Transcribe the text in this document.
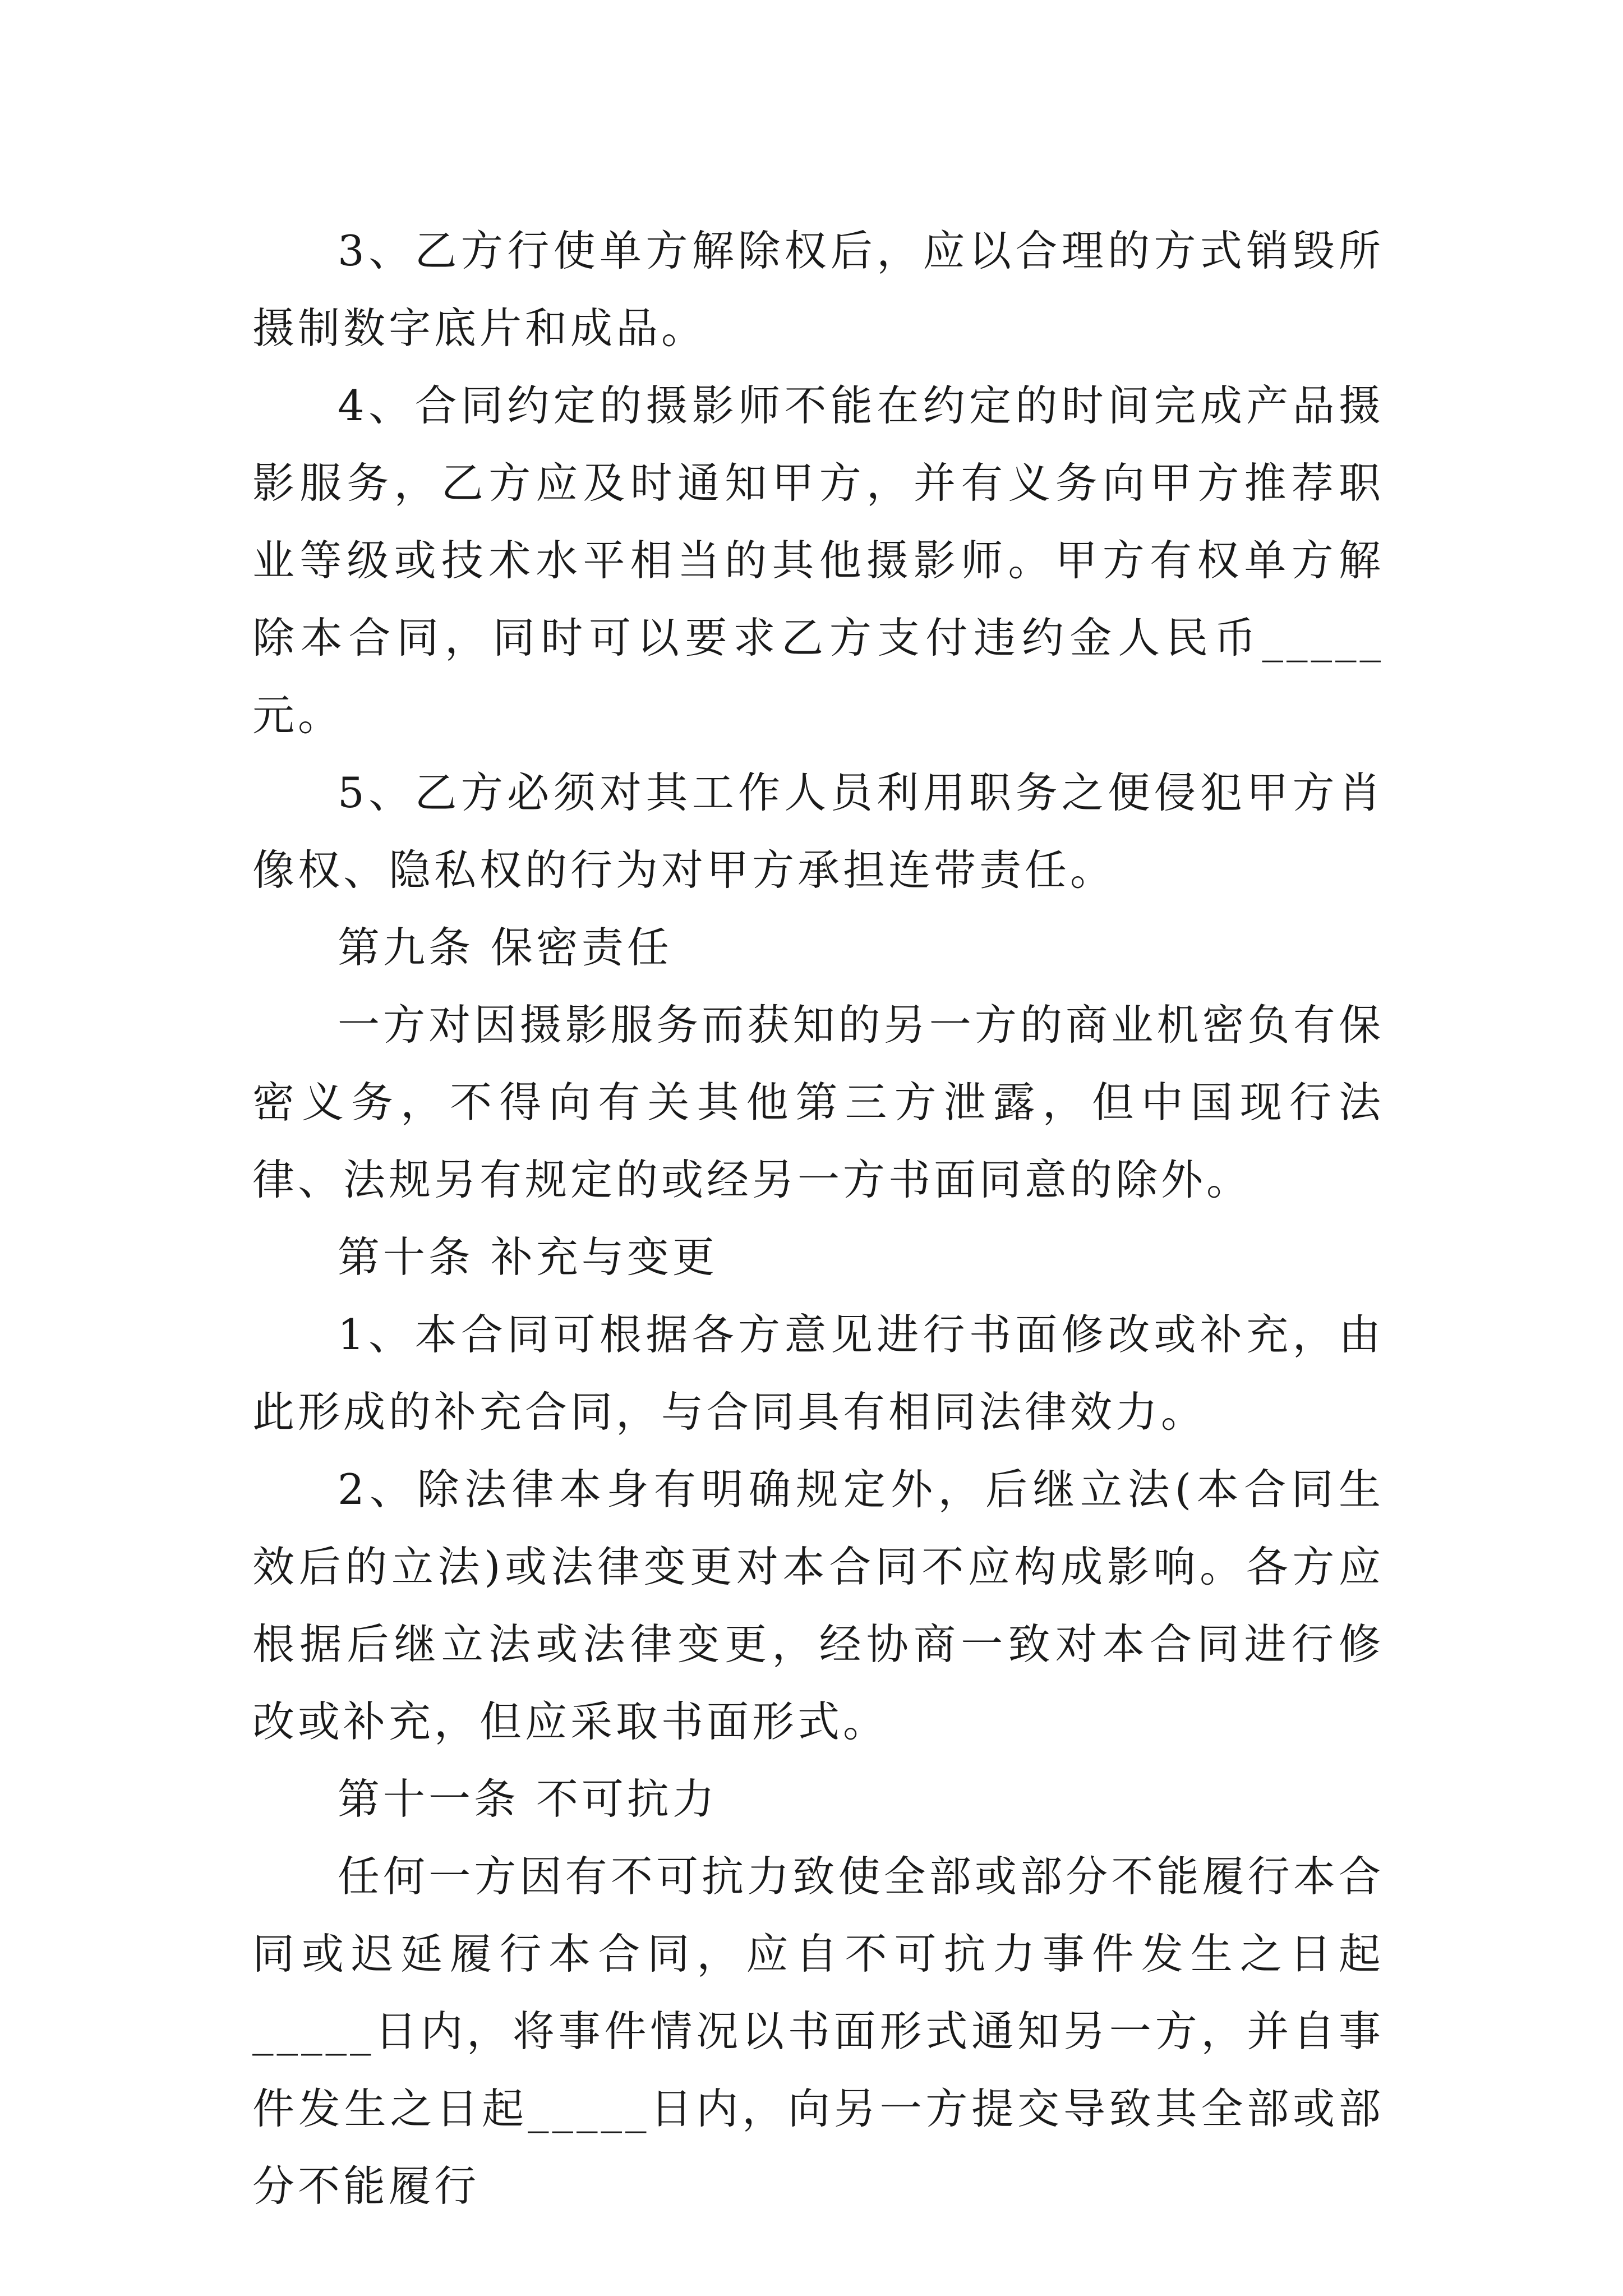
3、乙方行使单方解除权后，应以合理的方式销毁所摄制数字底片和成品。

4、合同约定的摄影师不能在约定的时间完成产品摄影服务，乙方应及时通知甲方，并有义务向甲方推荐职业等级或技术水平相当的其他摄影师。甲方有权单方解除本合同，同时可以要求乙方支付违约金人民币_____元。

5、乙方必须对其工作人员利用职务之便侵犯甲方肖像权、隐私权的行为对甲方承担连带责任。

第九条 保密责任

一方对因摄影服务而获知的另一方的商业机密负有保密义务，不得向有关其他第三方泄露，但中国现行法律、法规另有规定的或经另一方书面同意的除外。

第十条 补充与变更

1、本合同可根据各方意见进行书面修改或补充，由此形成的补充合同，与合同具有相同法律效力。

2、除法律本身有明确规定外，后继立法(本合同生效后的立法)或法律变更对本合同不应构成影响。各方应根据后继立法或法律变更，经协商一致对本合同进行修改或补充，但应采取书面形式。

第十一条 不可抗力

任何一方因有不可抗力致使全部或部分不能履行本合同或迟延履行本合同，应自不可抗力事件发生之日起_____日内，将事件情况以书面形式通知另一方，并自事件发生之日起_____日内，向另一方提交导致其全部或部分不能履行
